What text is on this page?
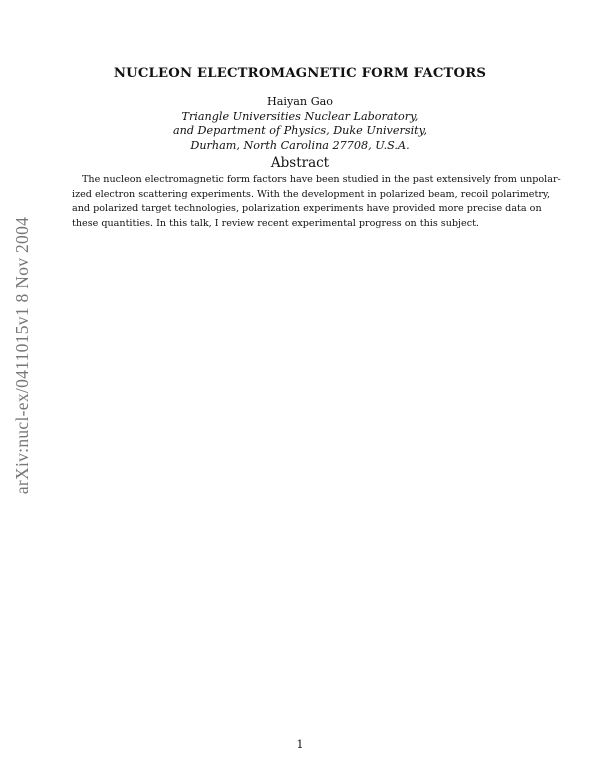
arXiv:nucl-ex/0411015v1 8 Nov 2004
NUCLEON ELECTROMAGNETIC FORM FACTORS
Haiyan Gao
Triangle Universities Nuclear Laboratory,
and Department of Physics, Duke University,
Durham, North Carolina 27708, U.S.A.
Abstract
The nucleon electromagnetic form factors have been studied in the past extensively from unpolar-
ized electron scattering experiments. With the development in polarized beam, recoil polarimetry,
and polarized target technologies, polarization experiments have provided more precise data on
these quantities. In this talk, I review recent experimental progress on this subject.
1
